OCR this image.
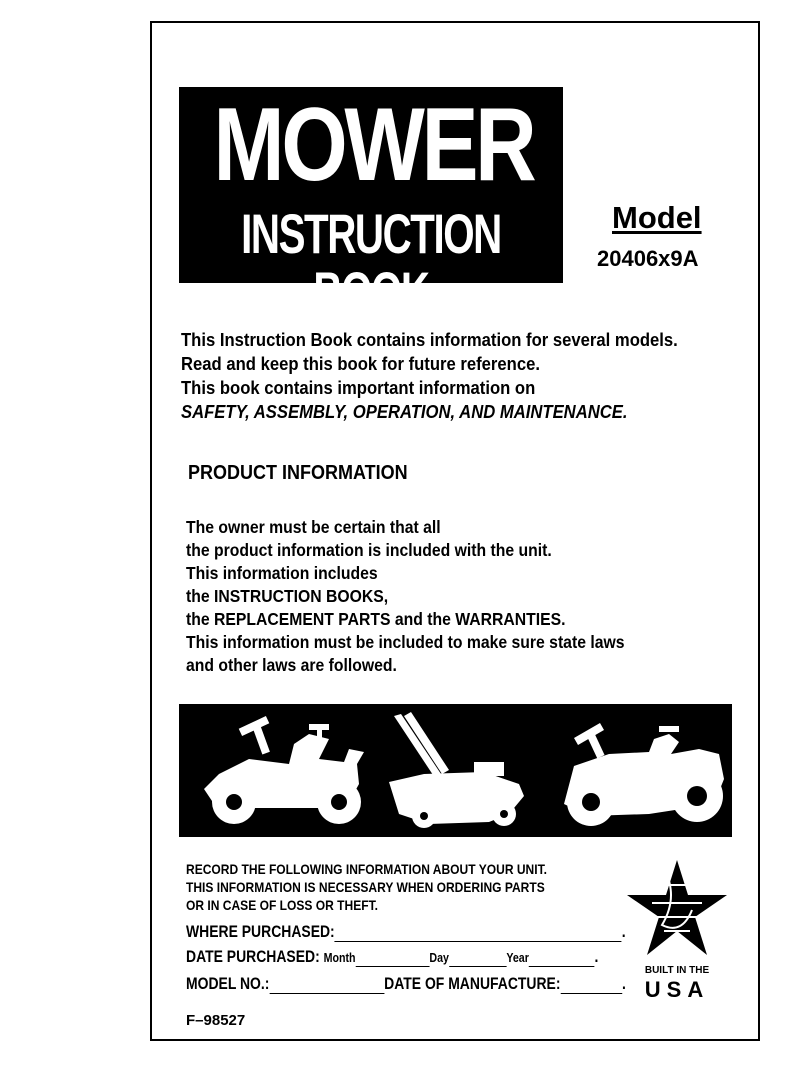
MOWER
INSTRUCTION BOOK
Model
20406x9A
This Instruction Book contains information for several models.
Read and keep this book for future reference.
This book contains important information on
SAFETY, ASSEMBLY, OPERATION, AND MAINTENANCE.
PRODUCT INFORMATION
The owner must be certain that all
the product information is included with the unit.
This information includes
the INSTRUCTION BOOKS,
the REPLACEMENT PARTS and the WARRANTIES.
This information must be included to make sure state laws
and other laws are followed.
RECORD THE FOLLOWING INFORMATION ABOUT YOUR UNIT.
THIS INFORMATION IS NECESSARY WHEN ORDERING PARTS
OR IN CASE OF LOSS OR THEFT.
WHERE PURCHASED:	.
DATE PURCHASED: Month	Day	Year	.
MODEL NO.:	DATE OF MANUFACTURE:	.
F–98527
BUILT IN THE
USA
